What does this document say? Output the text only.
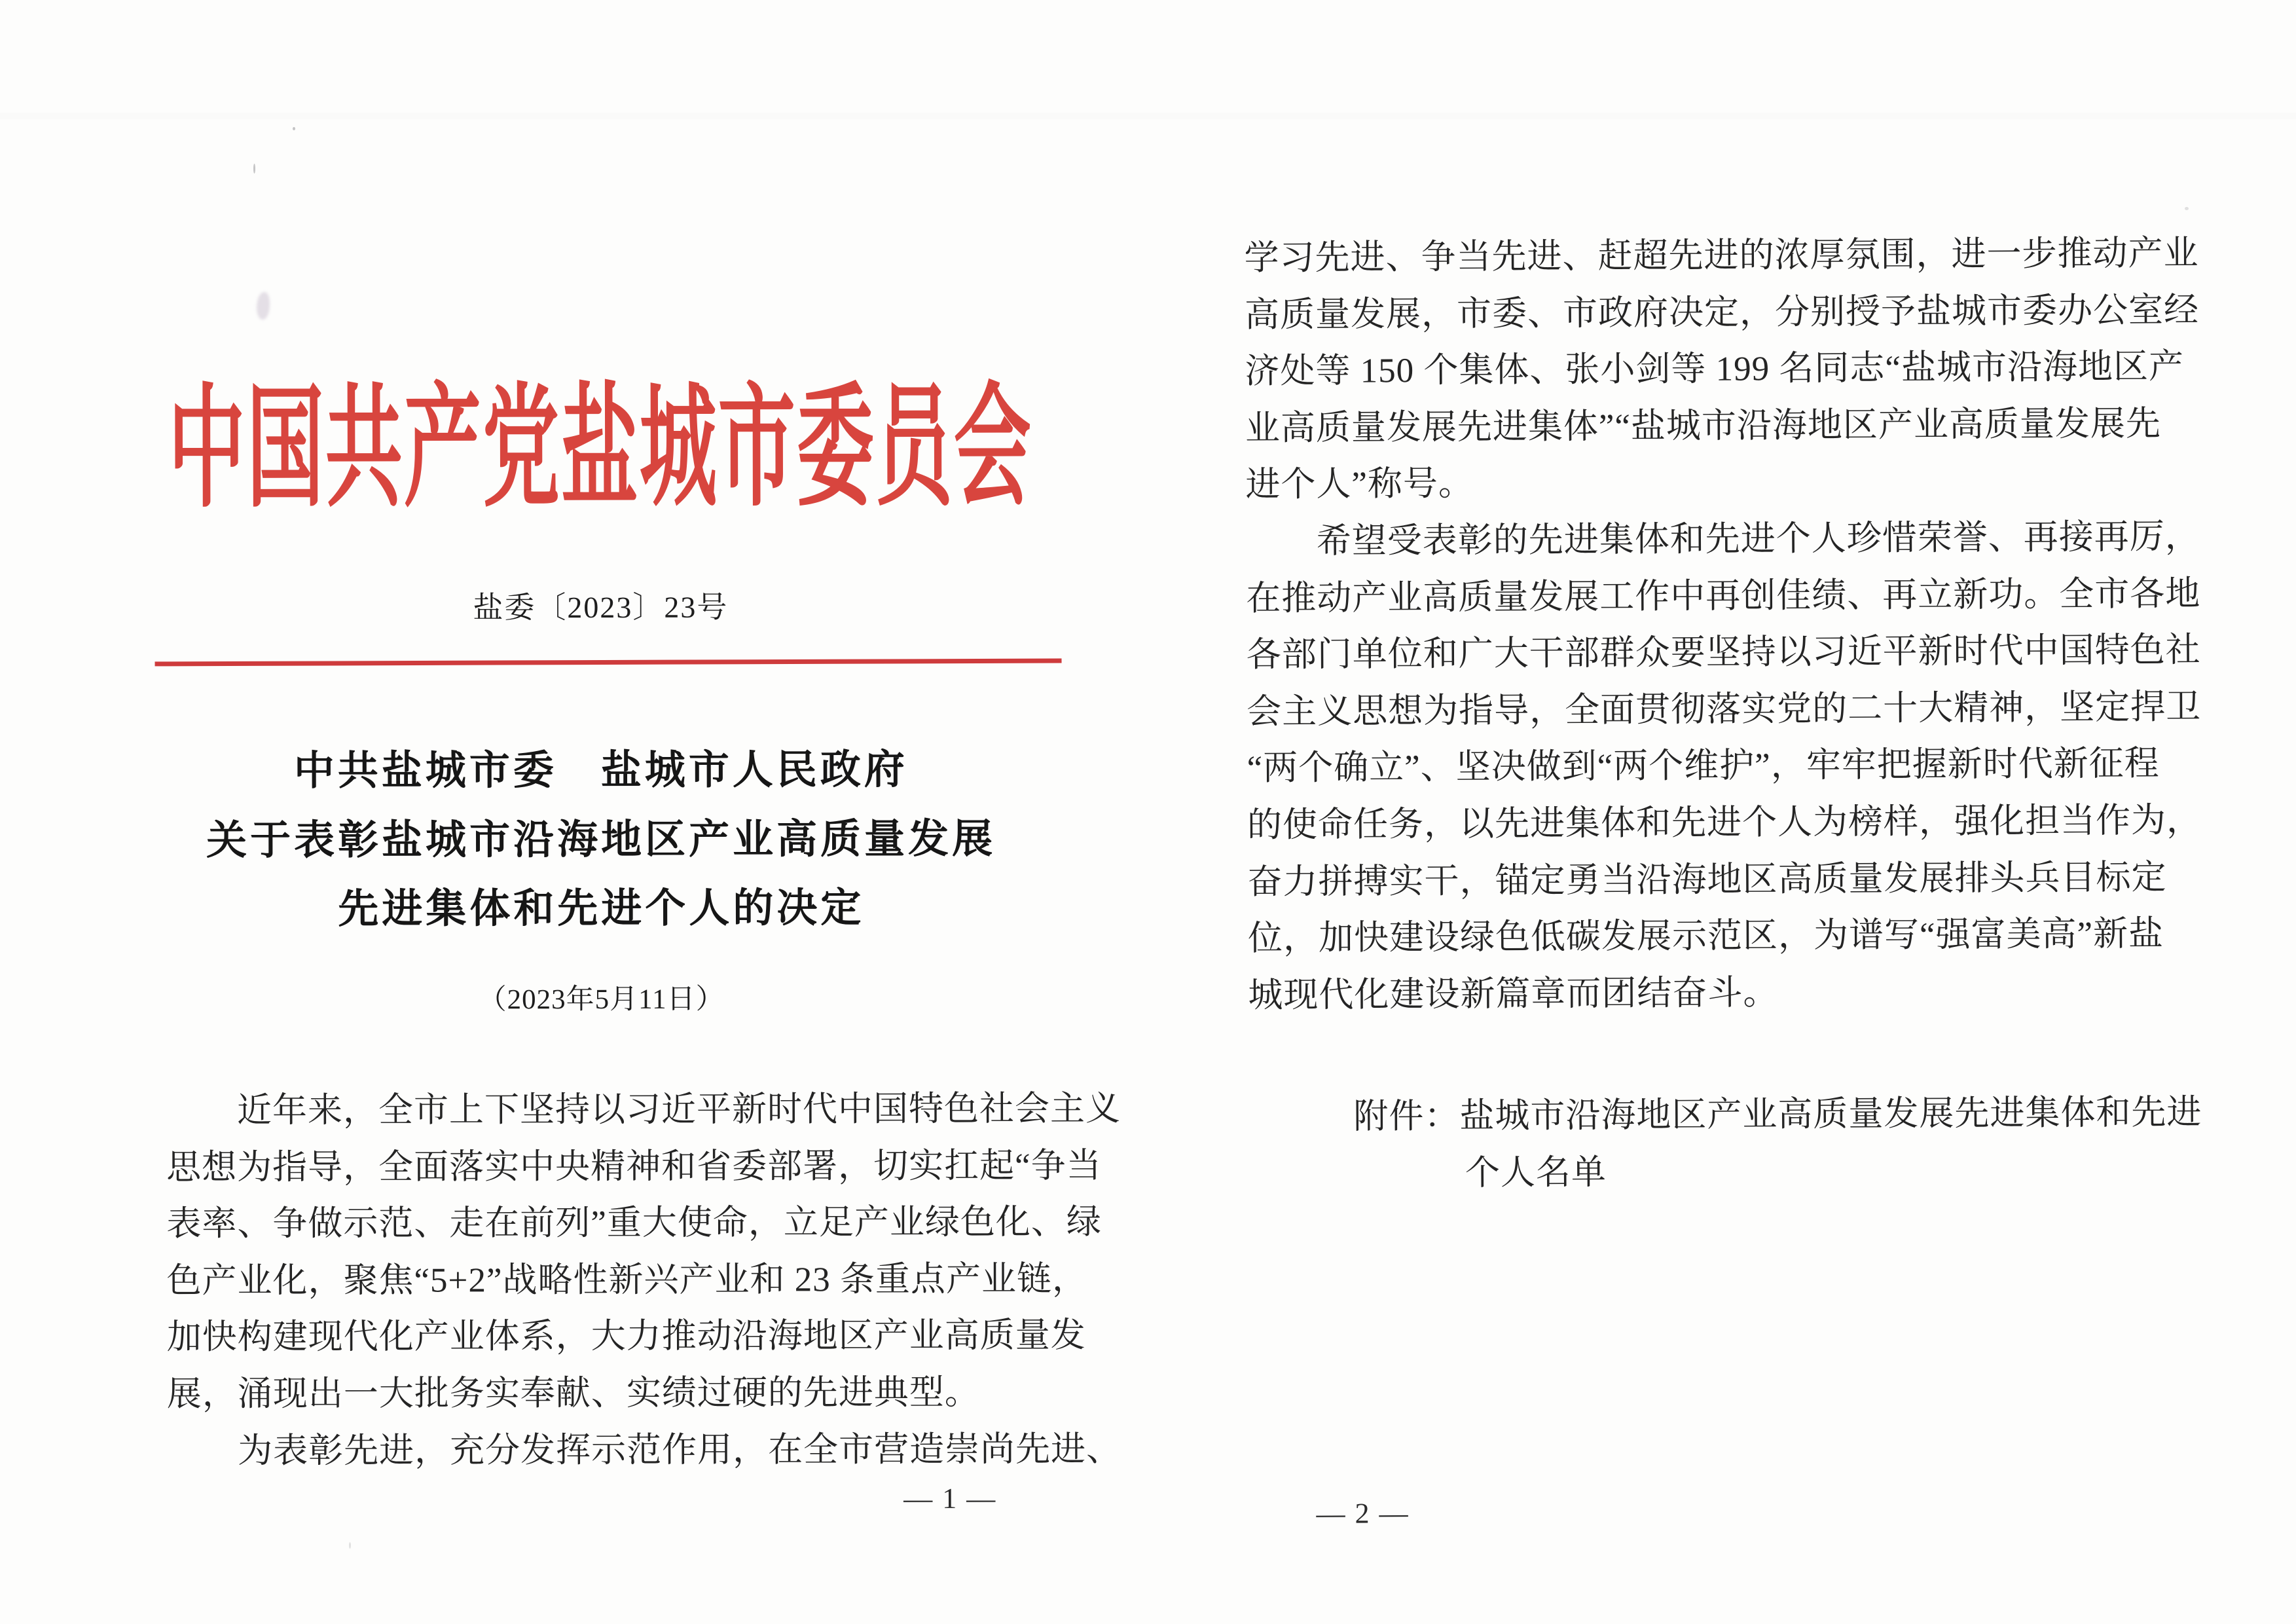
中国共产党盐城市委员会
盐委〔2023〕23号
中共盐城市委　盐城市人民政府
关于表彰盐城市沿海地区产业高质量发展
先进集体和先进个人的决定
（2023年5月11日）
　　近年来，全市上下坚持以习近平新时代中国特色社会主义
思想为指导，全面落实中央精神和省委部署，切实扛起“争当
表率、争做示范、走在前列”重大使命，立足产业绿色化、绿
色产业化，聚焦“5+2”战略性新兴产业和 23 条重点产业链，
加快构建现代化产业体系，大力推动沿海地区产业高质量发
展，涌现出一大批务实奉献、实绩过硬的先进典型。
　　为表彰先进，充分发挥示范作用，在全市营造崇尚先进、
— 1 —
学习先进、争当先进、赶超先进的浓厚氛围，进一步推动产业
高质量发展，市委、市政府决定，分别授予盐城市委办公室经
济处等 150 个集体、张小剑等 199 名同志“盐城市沿海地区产
业高质量发展先进集体”“盐城市沿海地区产业高质量发展先
进个人”称号。
　　希望受表彰的先进集体和先进个人珍惜荣誉、再接再厉，
在推动产业高质量发展工作中再创佳绩、再立新功。全市各地
各部门单位和广大干部群众要坚持以习近平新时代中国特色社
会主义思想为指导，全面贯彻落实党的二十大精神，坚定捍卫
“两个确立”、坚决做到“两个维护”，牢牢把握新时代新征程
的使命任务，以先进集体和先进个人为榜样，强化担当作为，
奋力拼搏实干，锚定勇当沿海地区高质量发展排头兵目标定
位，加快建设绿色低碳发展示范区，为谱写“强富美高”新盐
城现代化建设新篇章而团结奋斗。
附件：盐城市沿海地区产业高质量发展先进集体和先进
个人名单
— 2 —
